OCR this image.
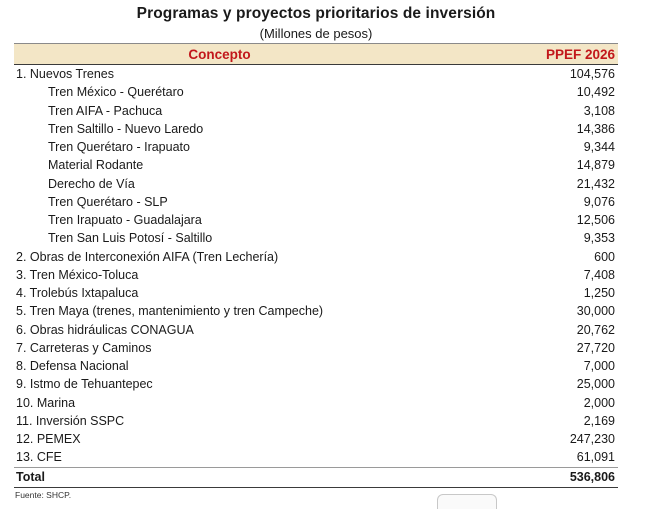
Programas y proyectos prioritarios de inversión
(Millones de pesos)
Concepto	PPEF 2026
1. Nuevos Trenes	104,576
Tren México - Querétaro	10,492
Tren AIFA - Pachuca	3,108
Tren Saltillo - Nuevo Laredo	14,386
Tren Querétaro - Irapuato	9,344
Material Rodante	14,879
Derecho de Vía	21,432
Tren Querétaro - SLP	9,076
Tren Irapuato - Guadalajara	12,506
Tren San Luis Potosí - Saltillo	9,353
2. Obras de Interconexión AIFA (Tren Lechería)	600
3. Tren México-Toluca	7,408
4. Trolebús Ixtapaluca	1,250
5. Tren Maya (trenes, mantenimiento y tren Campeche)	30,000
6. Obras hidráulicas CONAGUA	20,762
7. Carreteras y Caminos	27,720
8. Defensa Nacional	7,000
9. Istmo de Tehuantepec	25,000
10. Marina	2,000
11. Inversión SSPC	2,169
12. PEMEX	247,230
13. CFE	61,091
Total	536,806
Fuente: SHCP.
